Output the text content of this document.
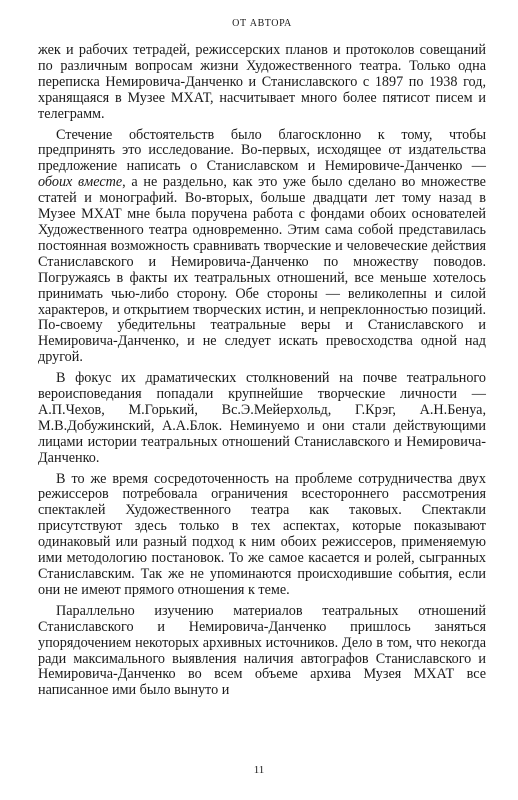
ОТ АВТОРА

жек и рабочих тетрадей, режиссерских планов и протоколов совещаний по различным вопросам жизни Художественного театра. Только одна переписка Немировича-Данченко и Станиславского с 1897 по 1938 год, хранящаяся в Музее МХАТ, насчитывает много более пятисот писем и телеграмм.

Стечение обстоятельств было благосклонно к тому, чтобы предпринять это исследование. Во-первых, исходящее от издательства предложение написать о Станиславском и Немировиче-Данченко — обоих вместе, а не раздельно, как это уже было сделано во множестве статей и монографий. Во-вторых, больше двадцати лет тому назад в Музее МХАТ мне была поручена работа с фондами обоих основателей Художественного театра одновременно. Этим сама собой представилась постоянная возможность сравнивать творческие и человеческие действия Станиславского и Немировича-Данченко по множеству поводов. Погружаясь в факты их театральных отношений, все меньше хотелось принимать чью-либо сторону. Обе стороны — великолепны и силой характеров, и открытием творческих истин, и непреклонностью позиций. По-своему убедительны театральные веры и Станиславского и Немировича-Данченко, и не следует искать превосходства одной над другой.

В фокус их драматических столкновений на почве театрального вероисповедания попадали крупнейшие творческие личности — А.П.Чехов, М.Горький, Вс.Э.Мейерхольд, Г.Крэг, А.Н.Бенуа, М.В.Добужинский, А.А.Блок. Неминуемо и они стали действующими лицами истории театральных отношений Станиславского и Немировича-Данченко.

В то же время сосредоточенность на проблеме сотрудничества двух режиссеров потребовала ограничения всестороннего рассмотрения спектаклей Художественного театра как таковых. Спектакли присутствуют здесь только в тех аспектах, которые показывают одинаковый или разный подход к ним обоих режиссеров, применяемую ими методологию постановок. То же самое касается и ролей, сыгранных Станиславским. Так же не упоминаются происходившие события, если они не имеют прямого отношения к теме.

Параллельно изучению материалов театральных отношений Станиславского и Немировича-Данченко пришлось заняться упорядочением некоторых архивных источников. Дело в том, что некогда ради максимального выявления наличия автографов Станиславского и Немировича-Данченко во всем объеме архива Музея МХАТ все написанное ими было вынуто и

11
